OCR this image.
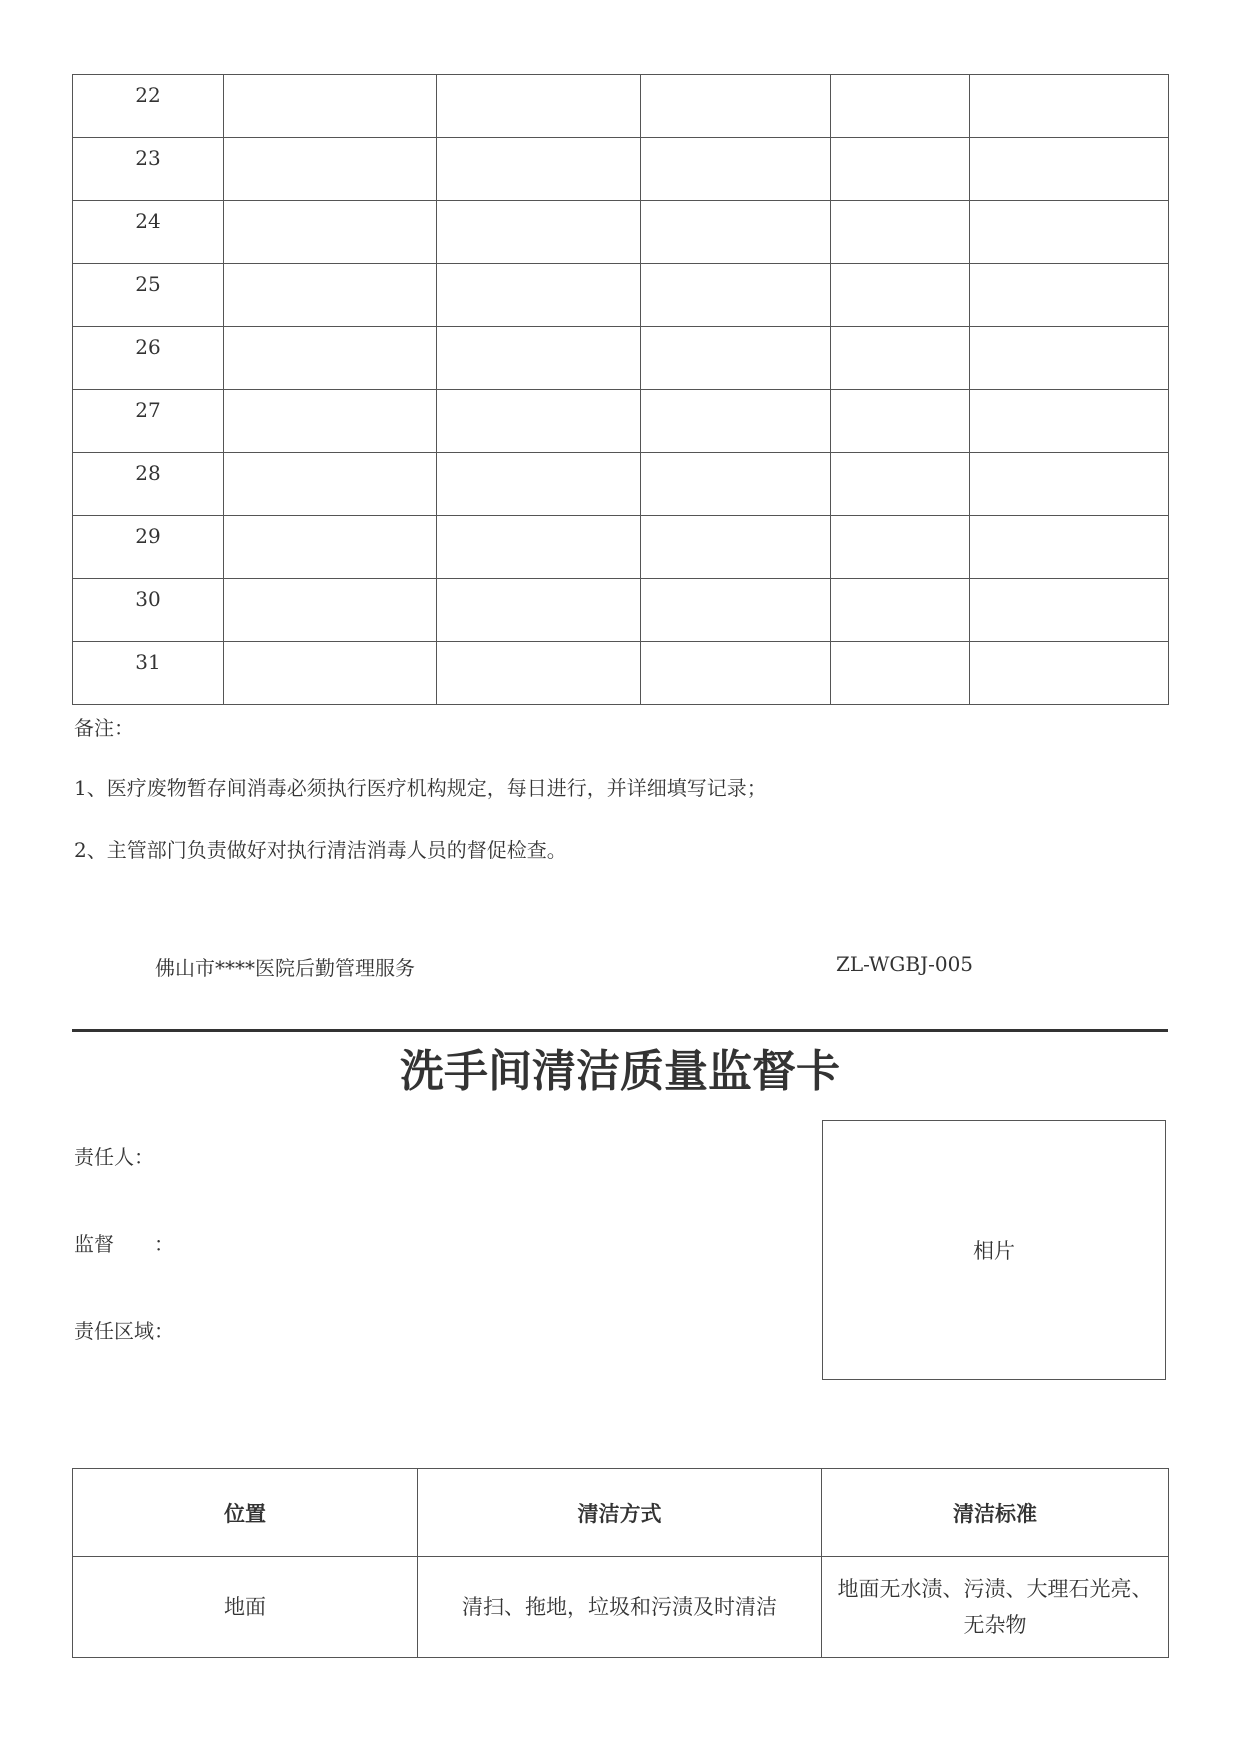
22					
23					
24					
25					
26					
27					
28					
29					
30					
31					
备注：
1、医疗废物暂存间消毒必须执行医疗机构规定，每日进行，并详细填写记录；
2、主管部门负责做好对执行清洁消毒人员的督促检查。
佛山市****医院后勤管理服务	ZL-WGBJ-005
洗手间清洁质量监督卡
责任人：
监督　　：
责任区域：
相片
位置	清洁方式	清洁标准
地面	清扫、拖地，垃圾和污渍及时清洁	地面无水渍、污渍、大理石光亮、
无杂物
